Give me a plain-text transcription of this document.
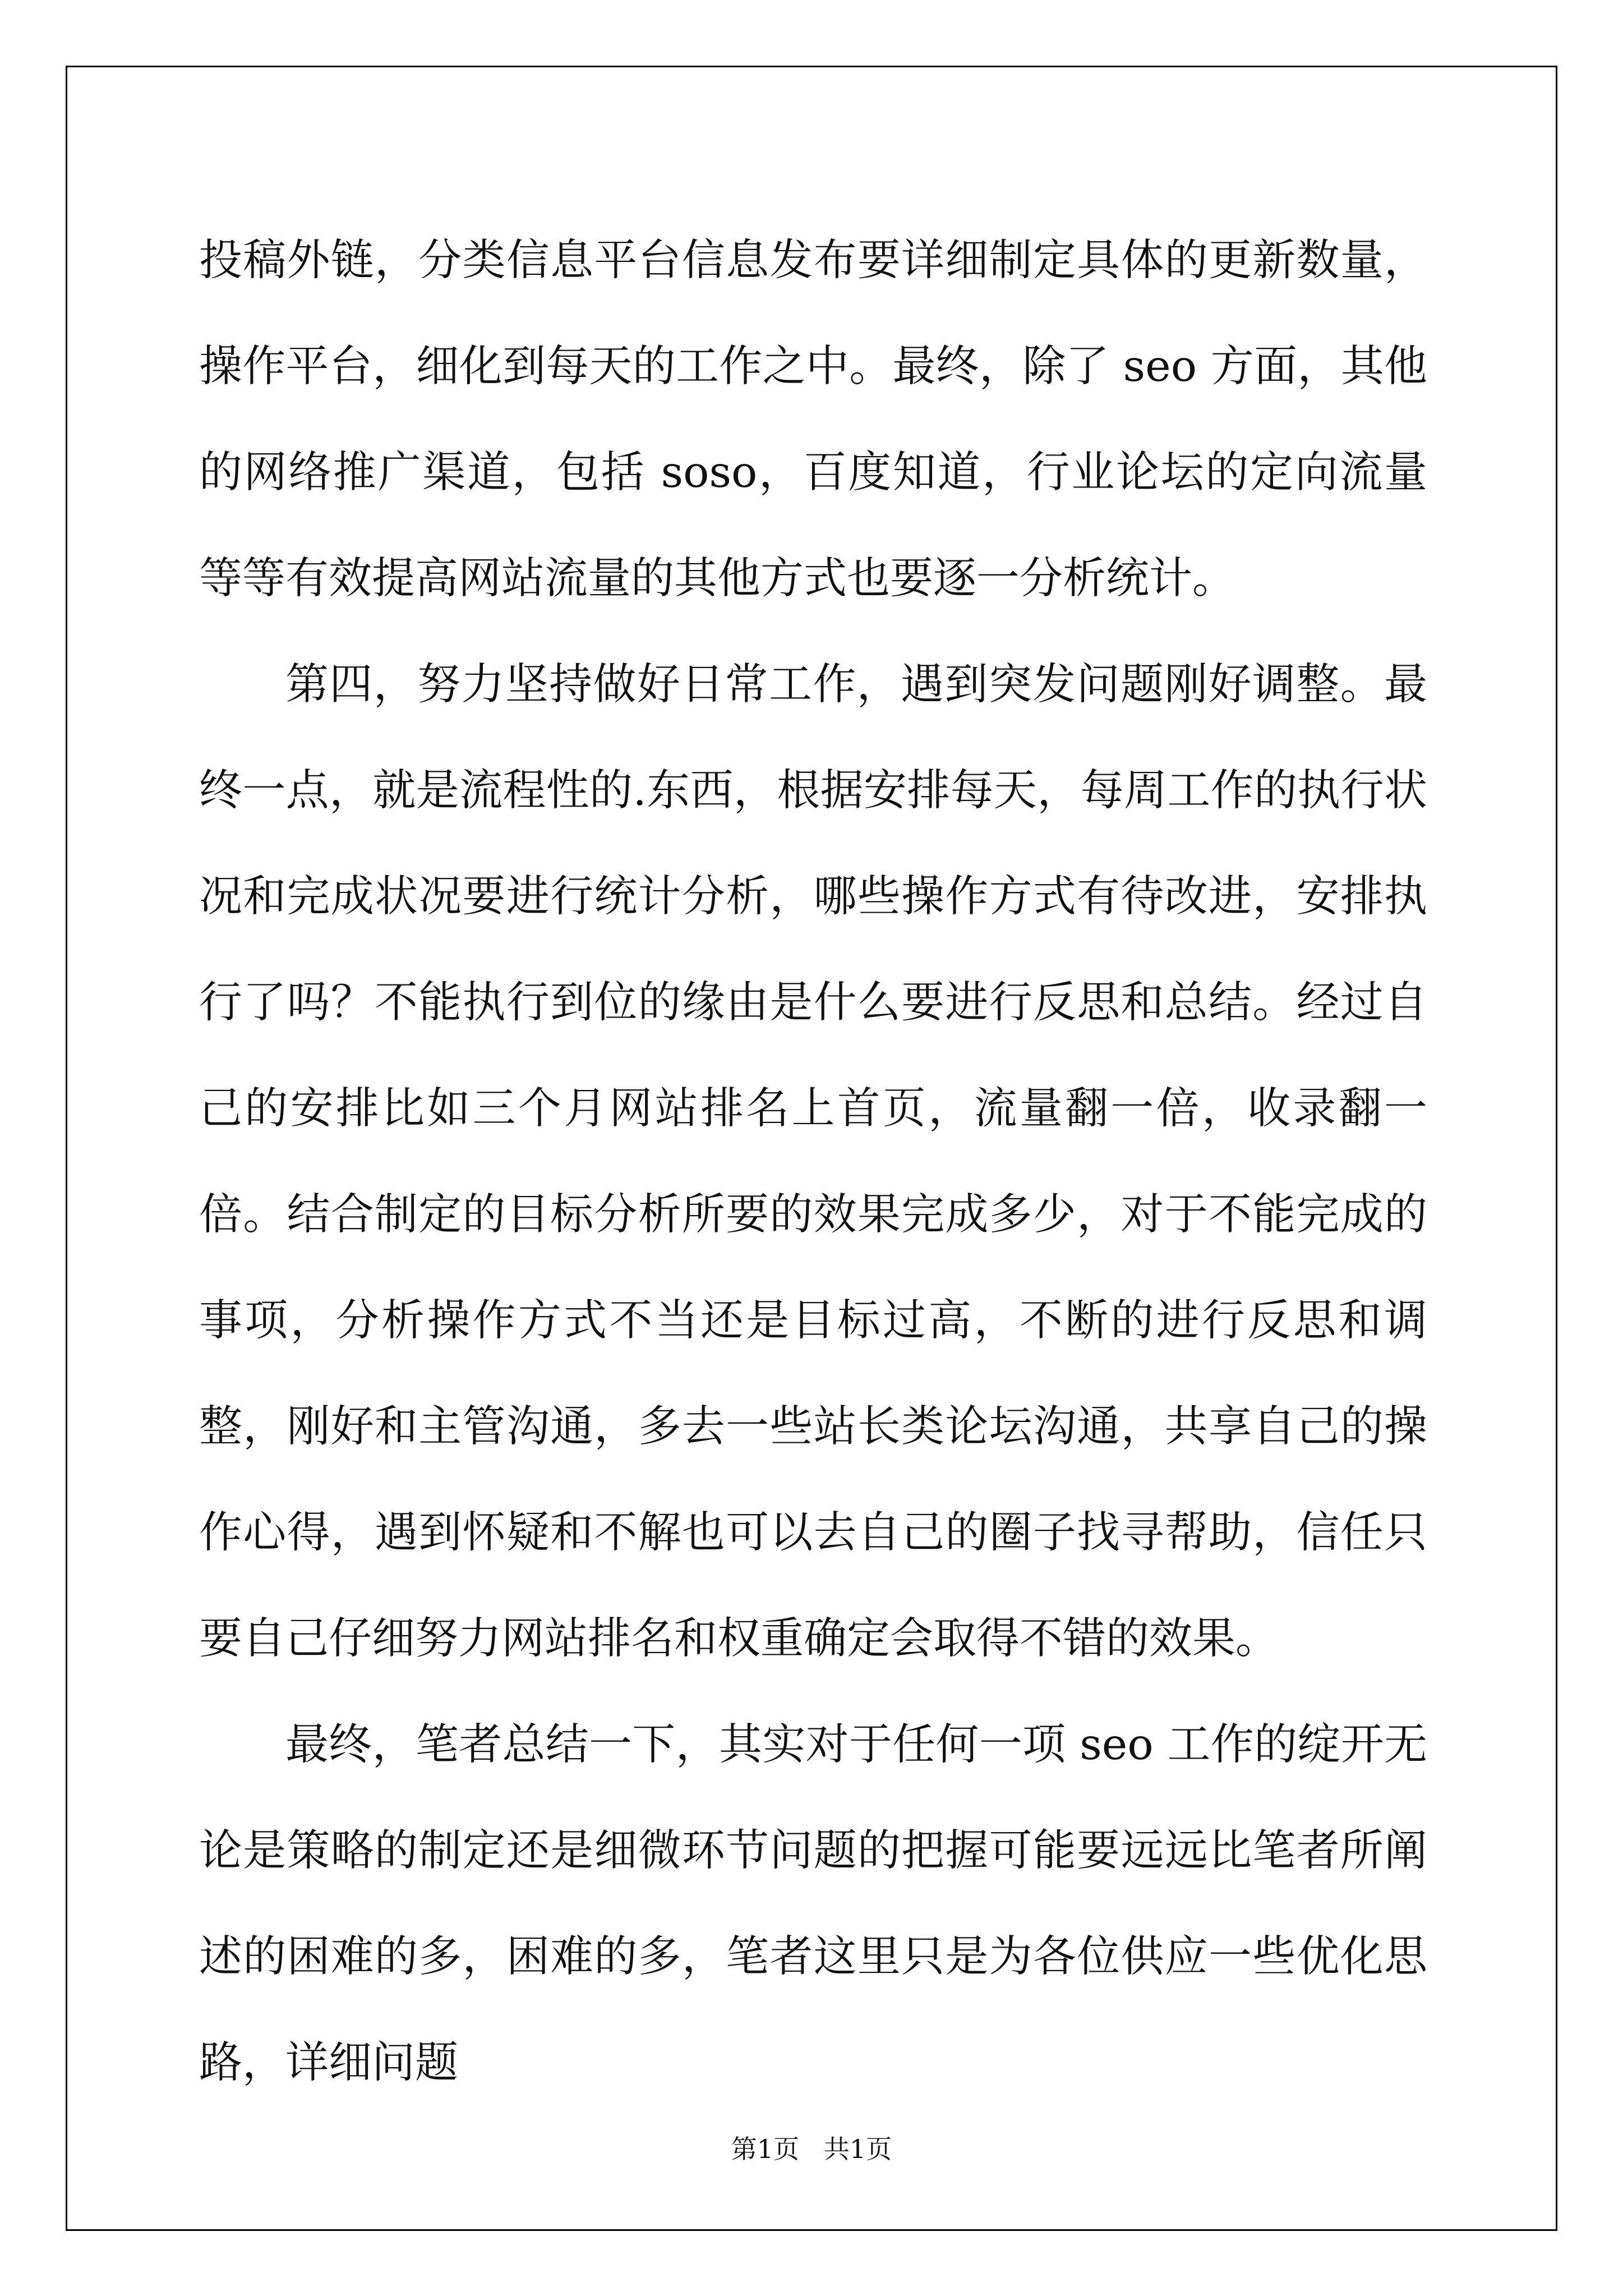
投稿外链，分类信息平台信息发布要详细制定具体的更新数量，操作平台，细化到每天的工作之中。最终，除了 seo 方面，其他的网络推广渠道，包括 soso，百度知道，行业论坛的定向流量等等有效提高网站流量的其他方式也要逐一分析统计。

第四，努力坚持做好日常工作，遇到突发问题刚好调整。最终一点，就是流程性的.东西，根据安排每天，每周工作的执行状况和完成状况要进行统计分析，哪些操作方式有待改进，安排执行了吗？不能执行到位的缘由是什么要进行反思和总结。经过自己的安排比如三个月网站排名上首页，流量翻一倍，收录翻一倍。结合制定的目标分析所要的效果完成多少，对于不能完成的事项，分析操作方式不当还是目标过高，不断的进行反思和调整，刚好和主管沟通，多去一些站长类论坛沟通，共享自己的操作心得，遇到怀疑和不解也可以去自己的圈子找寻帮助，信任只要自己仔细努力网站排名和权重确定会取得不错的效果。

最终，笔者总结一下，其实对于任何一项 seo 工作的绽开无论是策略的制定还是细微环节问题的把握可能要远远比笔者所阐述的困难的多，困难的多，笔者这里只是为各位供应一些优化思路，详细问题

第1页   共1页
